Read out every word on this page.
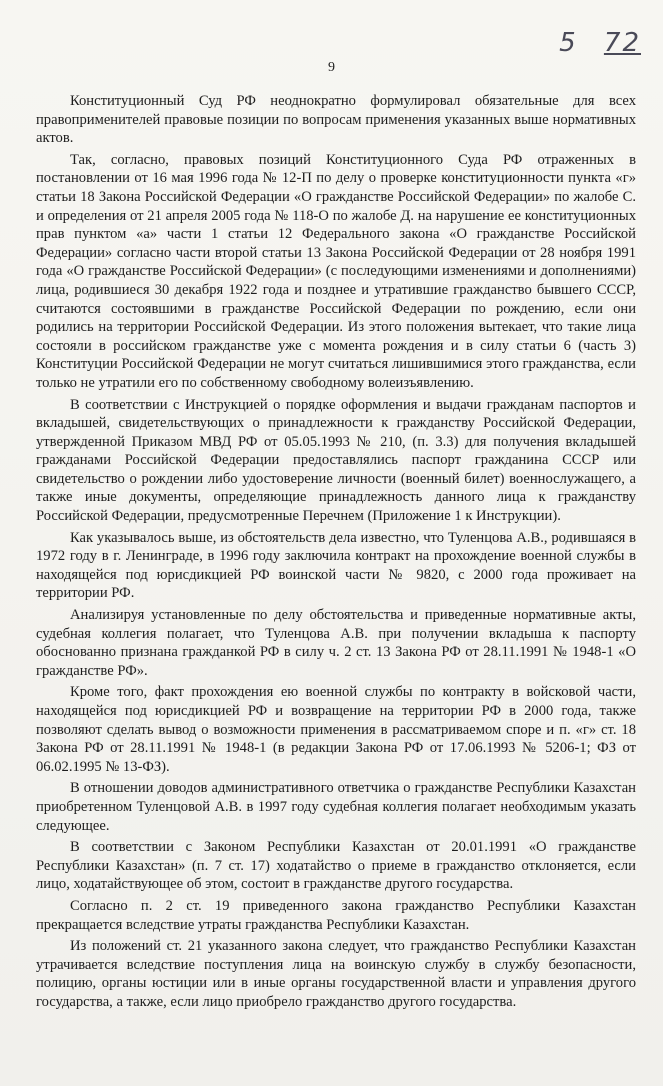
5 72
9

Конституционный Суд РФ неоднократно формулировал обязательные для всех правоприменителей правовые позиции по вопросам применения указанных выше нормативных актов.

Так, согласно, правовых позиций Конституционного Суда РФ отраженных в постановлении от 16 мая 1996 года № 12-П по делу о проверке конституционности пункта «г» статьи 18 Закона Российской Федерации «О гражданстве Российской Федерации» по жалобе С. и определения от 21 апреля 2005 года № 118-О по жалобе Д. на нарушение ее конституционных прав пунктом «а» части 1 статьи 12 Федерального закона «О гражданстве Российской Федерации» согласно части второй статьи 13 Закона Российской Федерации от 28 ноября 1991 года «О гражданстве Российской Федерации» (с последующими изменениями и дополнениями) лица, родившиеся 30 декабря 1922 года и позднее и утратившие гражданство бывшего СССР, считаются состоявшими в гражданстве Российской Федерации по рождению, если они родились на территории Российской Федерации. Из этого положения вытекает, что такие лица состояли в российском гражданстве уже с момента рождения и в силу статьи 6 (часть 3) Конституции Российской Федерации не могут считаться лишившимися этого гражданства, если только не утратили его по собственному свободному волеизъявлению.

В соответствии с Инструкцией о порядке оформления и выдачи гражданам паспортов и вкладышей, свидетельствующих о принадлежности к гражданству Российской Федерации, утвержденной Приказом МВД РФ от 05.05.1993 № 210, (п. 3.3) для получения вкладышей гражданами Российской Федерации предоставлялись паспорт гражданина СССР или свидетельство о рождении либо удостоверение личности (военный билет) военнослужащего, а также иные документы, определяющие принадлежность данного лица к гражданству Российской Федерации, предусмотренные Перечнем (Приложение 1 к Инструкции).

Как указывалось выше, из обстоятельств дела известно, что Туленцова А.В., родившаяся в 1972 году в г. Ленинграде, в 1996 году заключила контракт на прохождение военной службы в находящейся под юрисдикцией РФ воинской части № 9820, с 2000 года проживает на территории РФ.

Анализируя установленные по делу обстоятельства и приведенные нормативные акты, судебная коллегия полагает, что Туленцова А.В. при получении вкладыша к паспорту обоснованно признана гражданкой РФ в силу ч. 2 ст. 13 Закона РФ от 28.11.1991 № 1948-1 «О гражданстве РФ».

Кроме того, факт прохождения ею военной службы по контракту в войсковой части, находящейся под юрисдикцией РФ и возвращение на территории РФ в 2000 года, также позволяют сделать вывод о возможности применения в рассматриваемом споре и п. «г» ст. 18 Закона РФ от 28.11.1991 № 1948-1 (в редакции Закона РФ от 17.06.1993 № 5206-1; ФЗ от 06.02.1995 № 13-ФЗ).

В отношении доводов административного ответчика о гражданстве Республики Казахстан приобретенном Туленцовой А.В. в 1997 году судебная коллегия полагает необходимым указать следующее.

В соответствии с Законом Республики Казахстан от 20.01.1991 «О гражданстве Республики Казахстан» (п. 7 ст. 17) ходатайство о приеме в гражданство отклоняется, если лицо, ходатайствующее об этом, состоит в гражданстве другого государства.

Согласно п. 2 ст. 19 приведенного закона гражданство Республики Казахстан прекращается вследствие утраты гражданства Республики Казахстан.

Из положений ст. 21 указанного закона следует, что гражданство Республики Казахстан утрачивается вследствие поступления лица на воинскую службу в службу безопасности, полицию, органы юстиции или в иные органы государственной власти и управления другого государства, а также, если лицо приобрело гражданство другого государства.
